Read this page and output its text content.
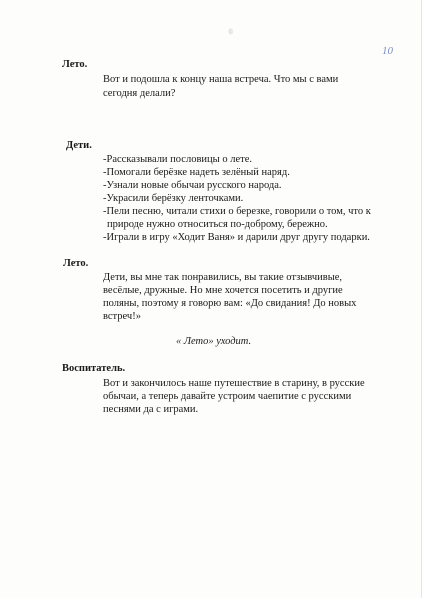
ꙮ
10
Лето.
Вот и подошла к концу наша встреча. Что мы с вами
сегодня делали?
Дети.
-Рассказывали пословицы о лете.
-Помогали берёзке надеть зелёный наряд.
-Узнали новые обычаи русского народа.
-Украсили берёзку ленточками.
-Пели песню, читали стихи о березке, говорили о том, что к
природе нужно относиться по-доброму, бережно.
-Играли в игру «Ходит Ваня» и дарили друг другу подарки.
Лето.
Дети, вы мне так понравились, вы такие отзывчивые,
весёлые, дружные. Но мне хочется посетить и другие
поляны, поэтому я говорю вам: «До свидания! До новых
встреч!»
« Лето» уходит.
Воспитатель.
Вот и закончилось наше путешествие в старину, в русские
обычаи, а теперь давайте устроим чаепитие с русскими
песнями да с играми.
